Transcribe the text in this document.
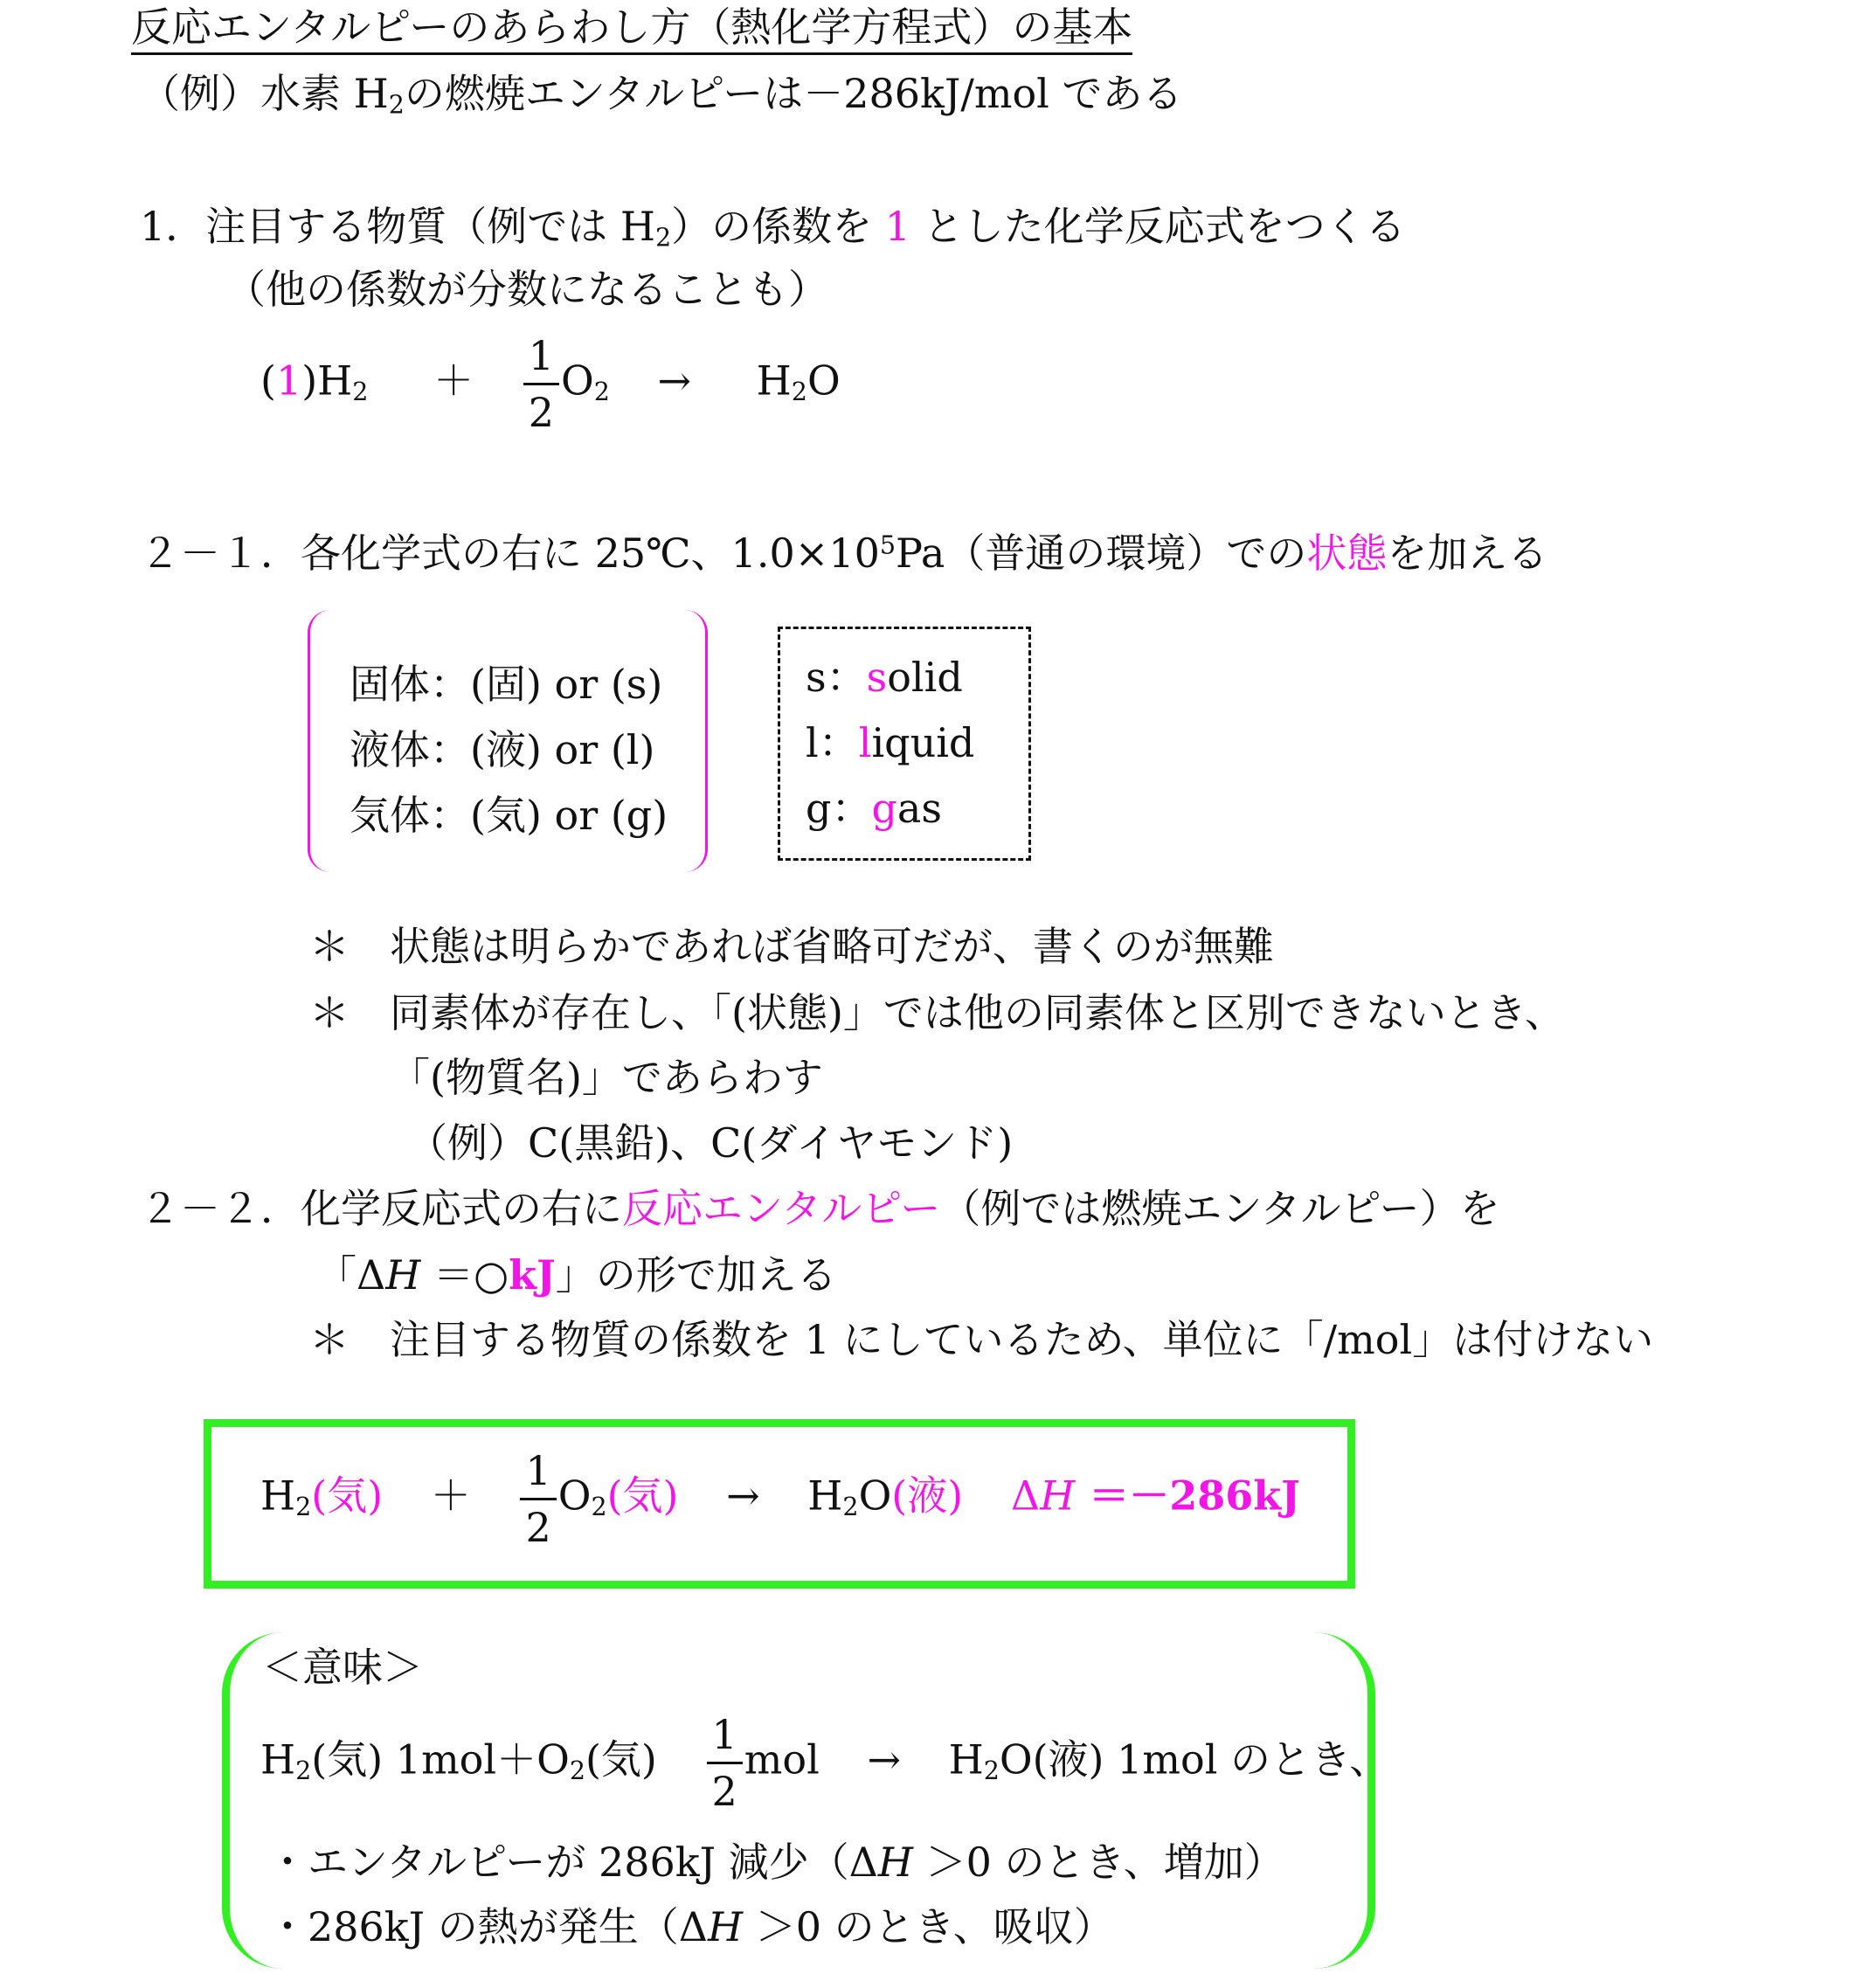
反応エンタルピーのあらわし方（熱化学方程式）の基本
（例）水素 $H_2$の燃焼エンタルピーは－286kJ/mol である
1．注目する物質（例では $H_2$）の係数を 1 とした化学反応式をつくる
（他の係数が分数になることも）
$(1)H_2 + \frac{1}{2} O_2 \to H_2O$
２－１．各化学式の右に 25℃、$1.0\times 10^5Pa$（普通の環境）での状態を加える
固体：(固) or (s)
液体：(液) or (l)
気体：(気) or (g)
s：solid
l：liquid
g：gas
＊　状態は明らかであれば省略可だが、書くのが無難
＊　同素体が存在し、「(状態)」では他の同素体と区別できないとき、
「(物質名)」であらわす
（例）C(黒鉛)、C(ダイヤモンド)
２－２．化学反応式の右に反応エンタルピー（例では燃焼エンタルピー）を
「ΔH ＝○kJ」の形で加える
＊　注目する物質の係数を 1 にしているため、単位に「/mol」は付けない
$H_2$(気) ＋ $\frac{1}{2} O_2$(気) → $H_2O$(液) ΔH ＝－286kJ
＜意味＞
$H_2$(気) $1mol+O_2$(気) $\frac{1}{2}$ mol → $H_2O$(液) 1mol のとき、
・エンタルピーが 286kJ 減少（ΔH ＞0 のとき、増加）
・286kJ の熱が発生（ΔH ＞0 のとき、吸収）
